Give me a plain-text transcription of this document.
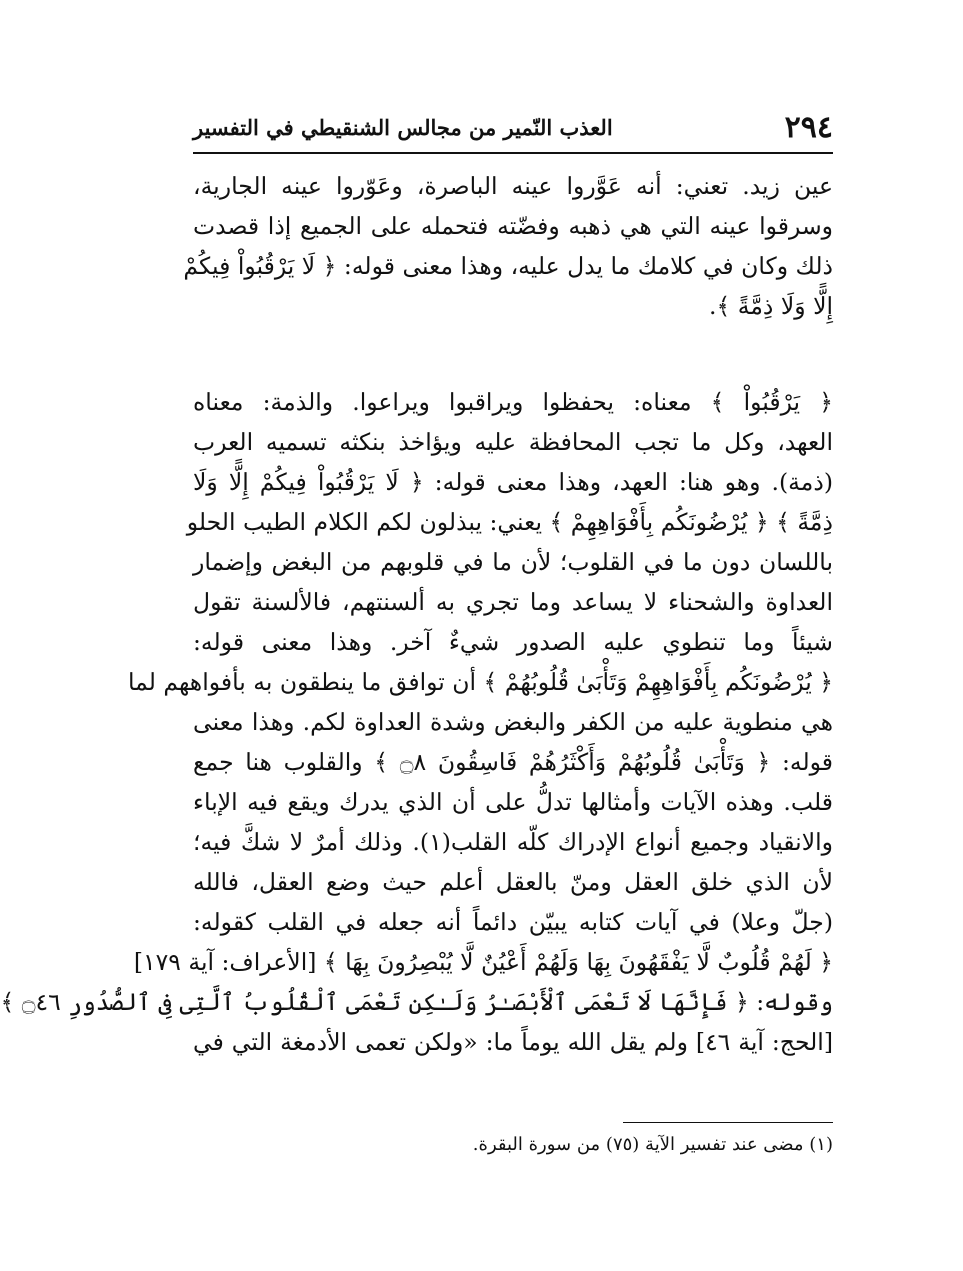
٢٩٤
العذب النّمير من مجالس الشنقيطي في التفسير
عين زيد. تعني: أنه عَوَّروا عينه الباصرة، وعَوّروا عينه الجارية،
وسرقوا عينه التي هي ذهبه وفضّته فتحمله على الجميع إذا قصدت
ذلك وكان في كلامك ما يدل عليه، وهذا معنى قوله: ﴿ لَا يَرْقُبُواْ فِيكُمْ
إِلًّا وَلَا ذِمَّةً ﴾.
﴿ يَرْقُبُواْ ﴾ معناه: يحفظوا ويراقبوا ويراعوا. والذمة: معناه
العهد، وكل ما تجب المحافظة عليه ويؤاخذ بنكثه تسميه العرب
(ذمة). وهو هنا: العهد، وهذا معنى قوله: ﴿ لَا يَرْقُبُواْ فِيكُمْ إِلًّا وَلَا
ذِمَّةً ﴾ ﴿ يُرْضُونَكُم بِأَفْوَاهِهِمْ ﴾ يعني: يبذلون لكم الكلام الطيب الحلو
باللسان دون ما في القلوب؛ لأن ما في قلوبهم من البغض وإضمار
العداوة والشحناء لا يساعد وما تجري به ألسنتهم، فالألسنة تقول
شيئاً وما تنطوي عليه الصدور شيءٌ آخر. وهذا معنى قوله:
﴿ يُرْضُونَكُم بِأَفْوَاهِهِمْ وَتَأْبَىٰ قُلُوبُهُمْ ﴾ أن توافق ما ينطقون به بأفواههم لما
هي منطوية عليه من الكفر والبغض وشدة العداوة لكم. وهذا معنى
قوله: ﴿ وَتَأْبَىٰ قُلُوبُهُمْ وَأَكْثَرُهُمْ فَاسِقُونَ ۝٨ ﴾ والقلوب هنا جمع
قلب. وهذه الآيات وأمثالها تدلُّ على أن الذي يدرك ويقع فيه الإباء
والانقياد وجميع أنواع الإدراك كلّه القلب(١). وذلك أمرٌ لا شكَّ فيه؛
لأن الذي خلق العقل ومنّ بالعقل أعلم حيث وضع العقل، فالله
(جلّ وعلا) في آيات كتابه يبيّن دائماً أنه جعله في القلب كقوله:
﴿ لَهُمْ قُلُوبٌ لَّا يَفْقَهُونَ بِهَا وَلَهُمْ أَعْيُنٌ لَّا يُبْصِرُونَ بِهَا ﴾ [الأعراف: آية ١٧٩]
وقوله: ﴿ فَإِنَّهَا لَا تَعْمَى ٱلْأَبْصَـٰرُ وَلَـٰكِن تَعْمَى ٱلْقُلُوبُ ٱلَّتِى فِى ٱلصُّدُورِ ۝٤٦ ﴾
[الحج: آية ٤٦] ولم يقل الله يوماً ما: «ولكن تعمى الأدمغة التي في
(١) مضى عند تفسير الآية (٧٥) من سورة البقرة.
